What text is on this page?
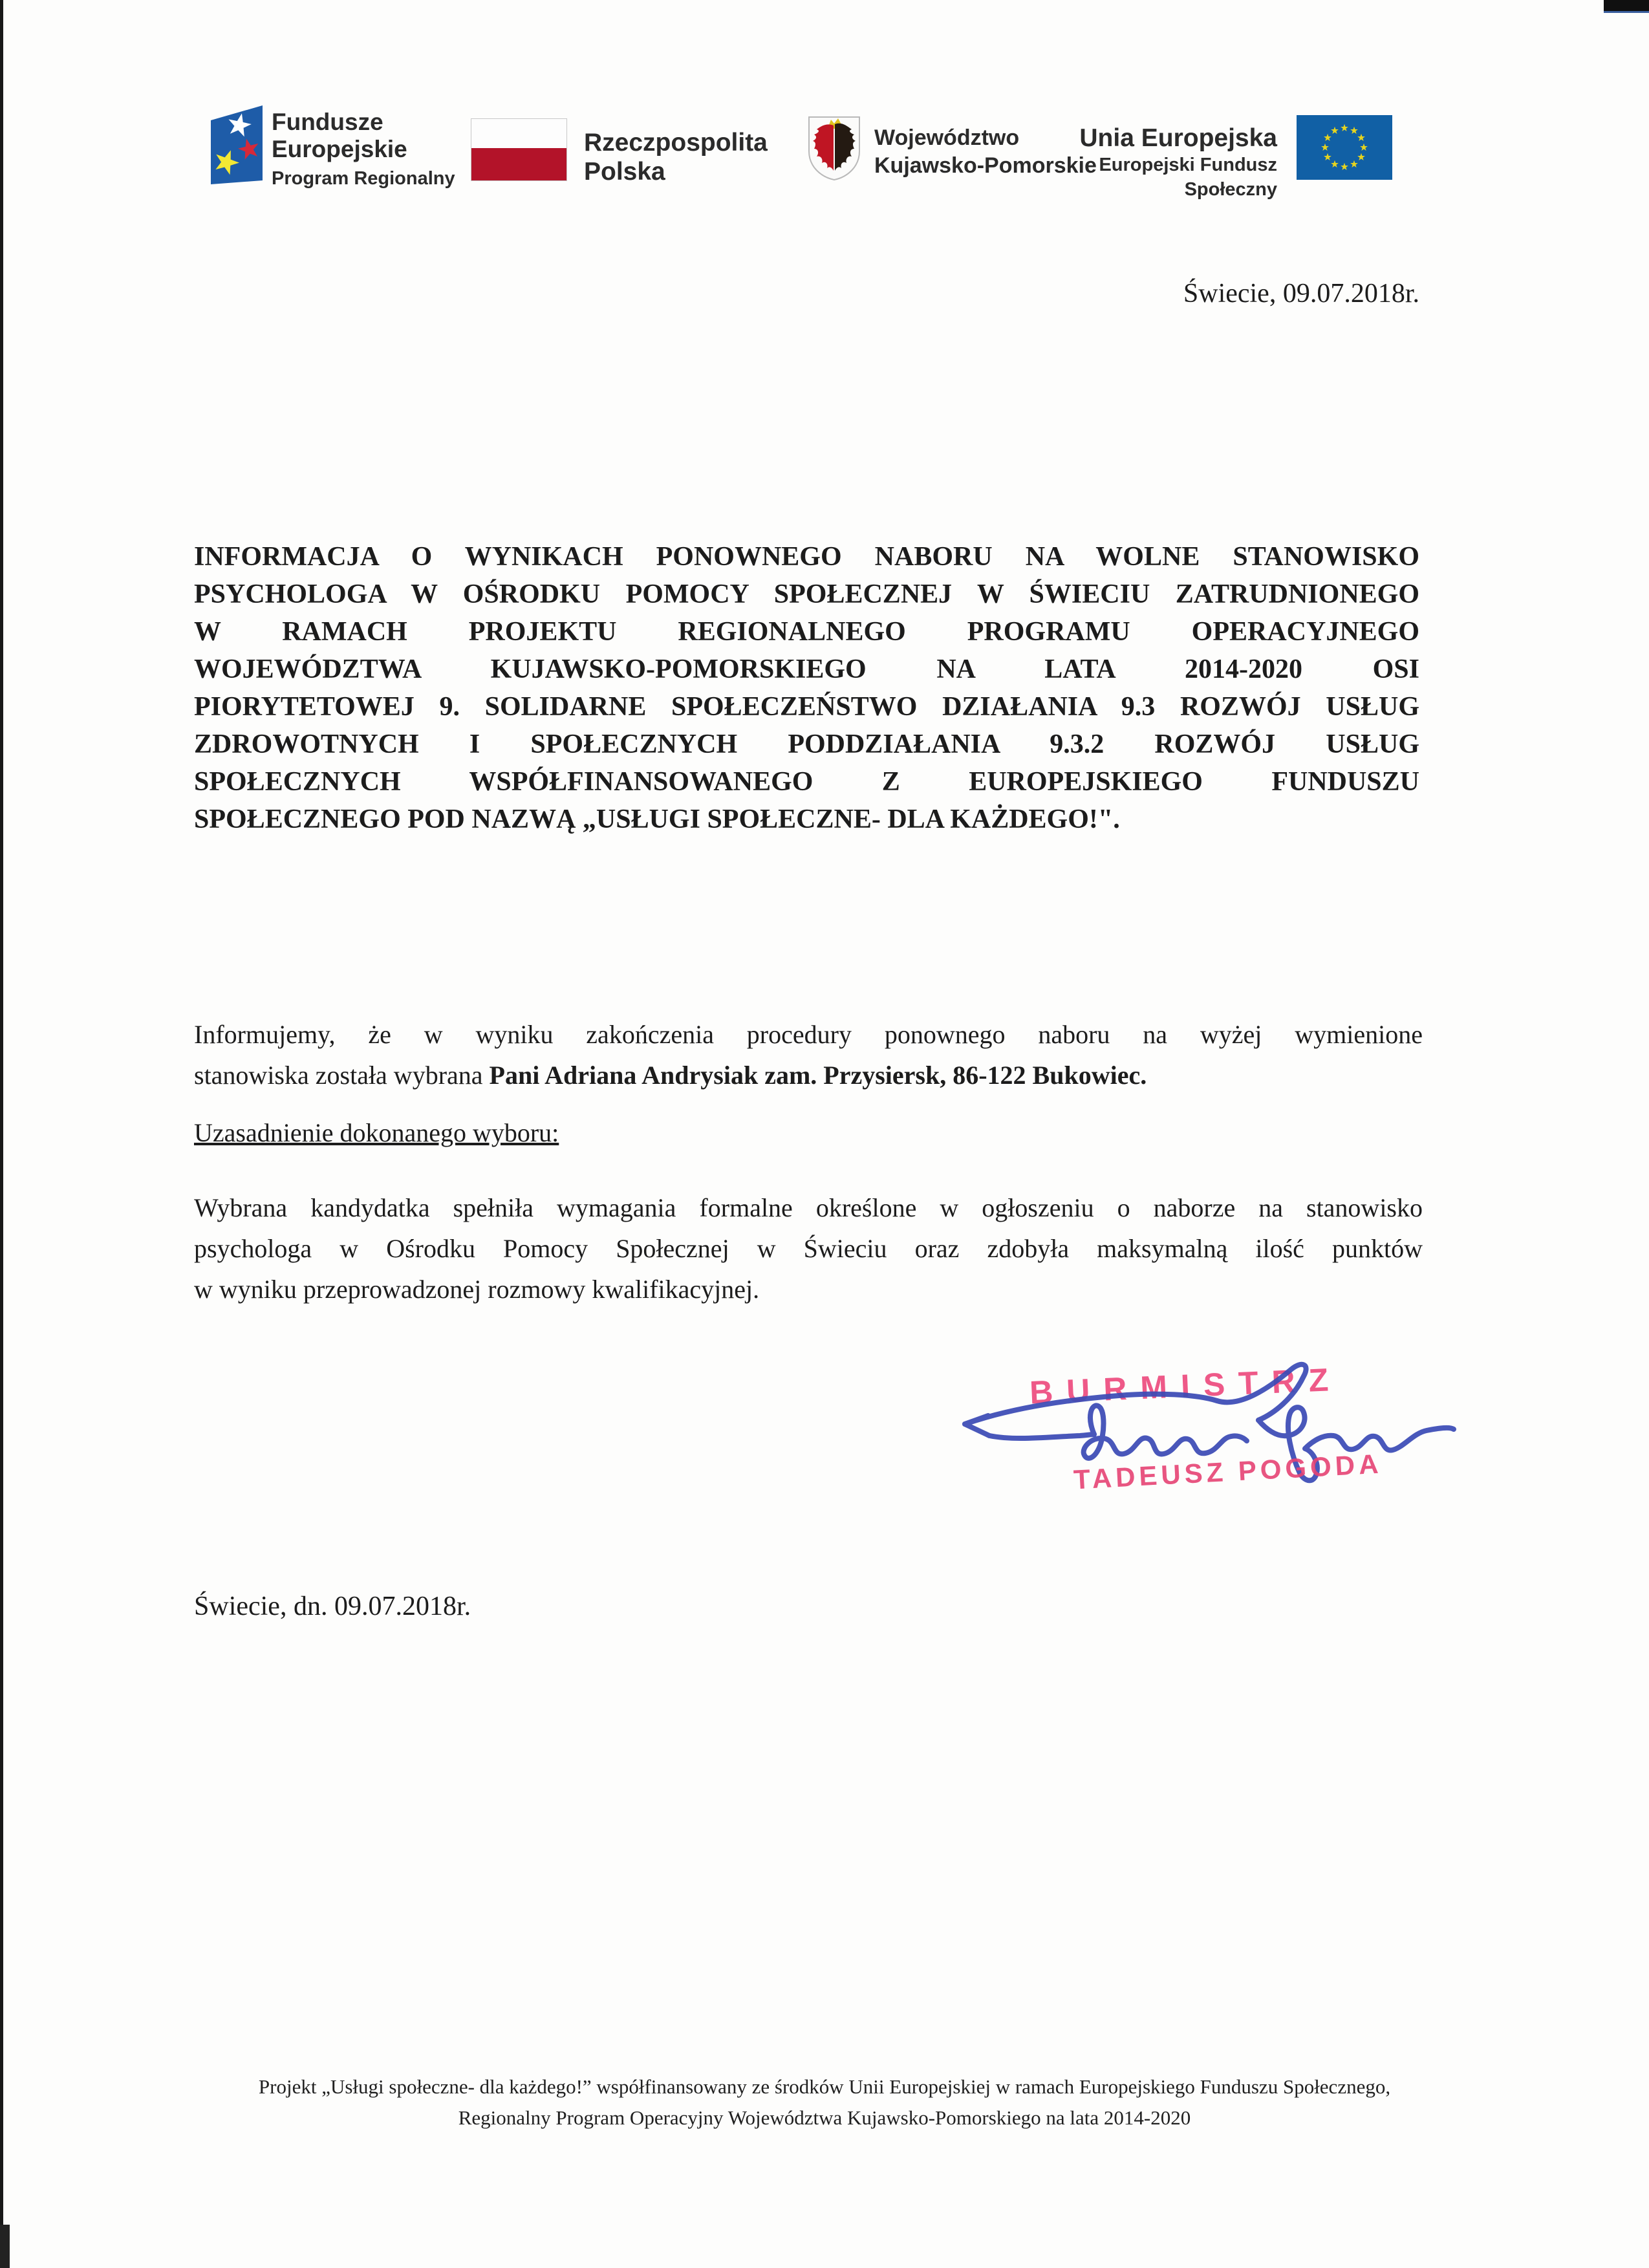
Fundusze
Europejskie
Program Regionalny
Rzeczpospolita
Polska
Województwo
Kujawsko-Pomorskie
Unia Europejska
Europejski Fundusz Społeczny
Świecie, 09.07.2018r.
INFORMACJA O WYNIKACH PONOWNEGO NABORU NA WOLNE STANOWISKO
PSYCHOLOGA W OŚRODKU POMOCY SPOŁECZNEJ W ŚWIECIU ZATRUDNIONEGO
W RAMACH PROJEKTU REGIONALNEGO PROGRAMU OPERACYJNEGO
WOJEWÓDZTWA KUJAWSKO-POMORSKIEGO NA LATA 2014-2020 OSI
PIORYTETOWEJ 9. SOLIDARNE SPOŁECZEŃSTWO DZIAŁANIA 9.3 ROZWÓJ USŁUG
ZDROWOTNYCH I SPOŁECZNYCH PODDZIAŁANIA 9.3.2 ROZWÓJ USŁUG
SPOŁECZNYCH WSPÓŁFINANSOWANEGO Z EUROPEJSKIEGO FUNDUSZU
SPOŁECZNEGO POD NAZWĄ „USŁUGI SPOŁECZNE- DLA KAŻDEGO!".
Informujemy, że w wyniku zakończenia procedury ponownego naboru na wyżej wymienione
stanowiska została wybrana Pani Adriana Andrysiak zam. Przysiersk, 86-122 Bukowiec.
Uzasadnienie dokonanego wyboru:
Wybrana kandydatka spełniła wymagania formalne określone w ogłoszeniu o naborze na stanowisko
psychologa w Ośrodku Pomocy Społecznej w Świeciu oraz zdobyła maksymalną ilość punktów
w wyniku przeprowadzonej rozmowy kwalifikacyjnej.
BURMISTRZ
TADEUSZ POGODA
Świecie, dn. 09.07.2018r.
Projekt „Usługi społeczne- dla każdego!” współfinansowany ze środków Unii Europejskiej w ramach Europejskiego Funduszu Społecznego,
Regionalny Program Operacyjny Województwa Kujawsko-Pomorskiego na lata 2014-2020
